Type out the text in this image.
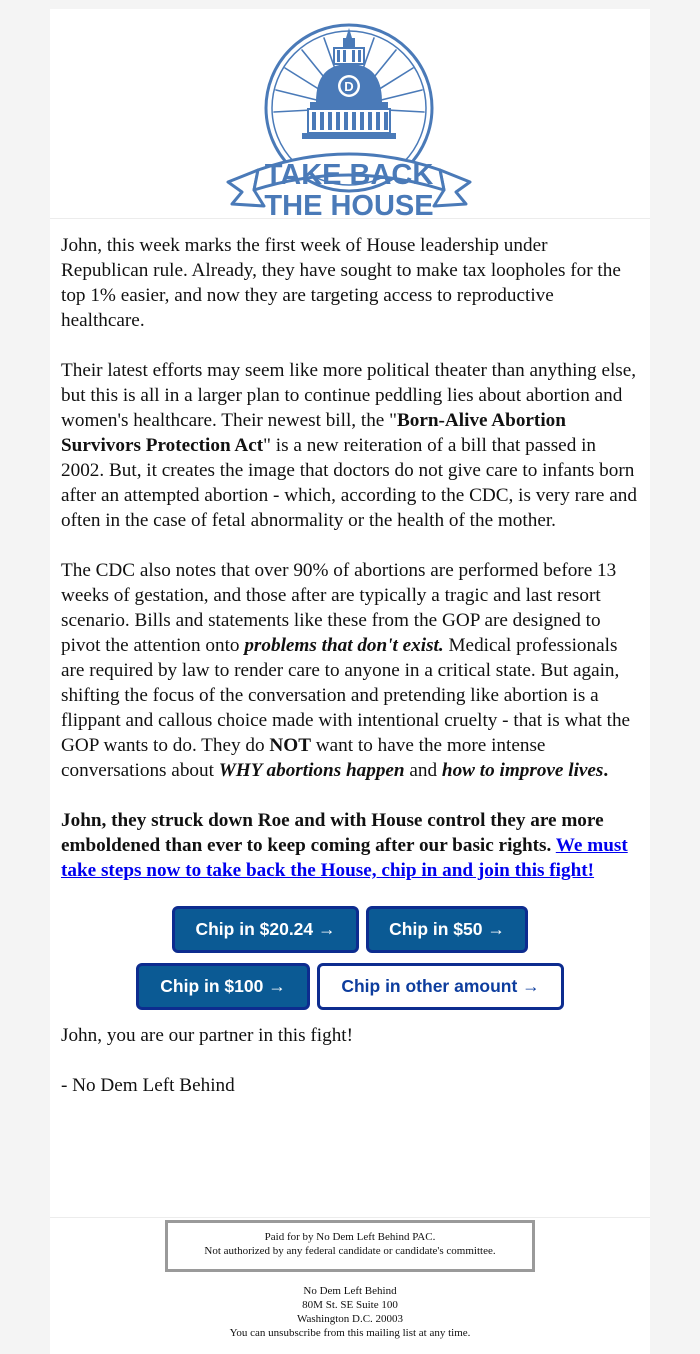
D
TAKE BACK
THE HOUSE

John, this week marks the first week of House leadership under Republican rule. Already, they have sought to make tax loopholes for the top 1% easier, and now they are targeting access to reproductive healthcare.

Their latest efforts may seem like more political theater than anything else, but this is all in a larger plan to continue peddling lies about abortion and women's healthcare. Their newest bill, the "Born-Alive Abortion Survivors Protection Act" is a new reiteration of a bill that passed in 2002. But, it creates the image that doctors do not give care to infants born after an attempted abortion - which, according to the CDC, is very rare and often in the case of fetal abnormality or the health of the mother.

The CDC also notes that over 90% of abortions are performed before 13 weeks of gestation, and those after are typically a tragic and last resort scenario. Bills and statements like these from the GOP are designed to pivot the attention onto problems that don't exist. Medical professionals are required by law to render care to anyone in a critical state. But again, shifting the focus of the conversation and pretending like abortion is a flippant and callous choice made with intentional cruelty - that is what the GOP wants to do. They do NOT want to have the more intense conversations about WHY abortions happen and how to improve lives.

John, they struck down Roe and with House control they are more emboldened than ever to keep coming after our basic rights. We must take steps now to take back the House, chip in and join this fight!

Chip in $20.24 →	Chip in $50 →
Chip in $100 →	Chip in other amount →

John, you are our partner in this fight!

- No Dem Left Behind

Paid for by No Dem Left Behind PAC.
Not authorized by any federal candidate or candidate's committee.
No Dem Left Behind
80M St. SE Suite 100
Washington D.C. 20003
You can unsubscribe from this mailing list at any time.
